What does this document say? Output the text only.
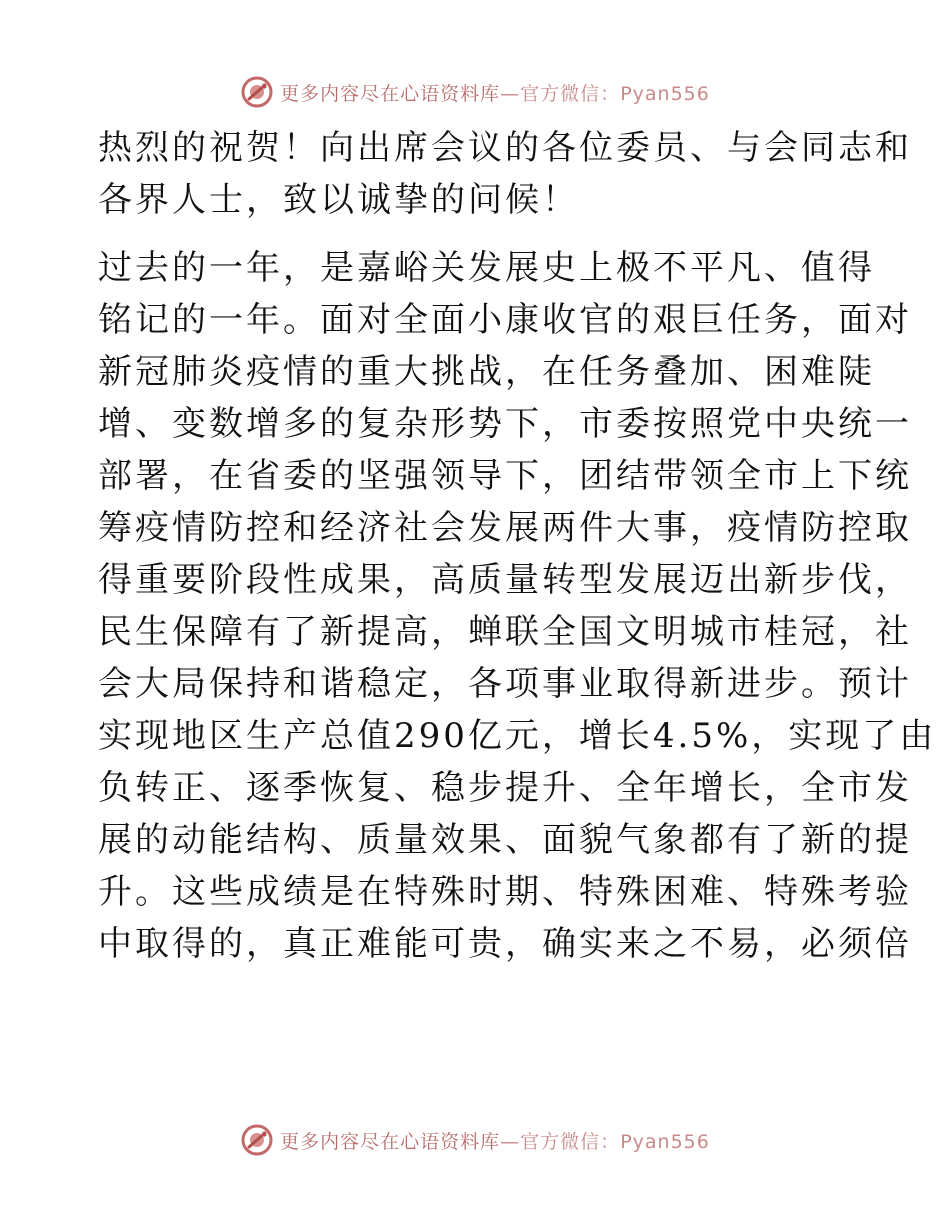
更多内容尽在心语资料库—官方微信：Pyan556
热烈的祝贺！向出席会议的各位委员、与会同志和
各界人士，致以诚挚的问候！
过去的一年，是嘉峪关发展史上极不平凡、值得
铭记的一年。面对全面小康收官的艰巨任务，面对
新冠肺炎疫情的重大挑战，在任务叠加、困难陡
增、变数增多的复杂形势下，市委按照党中央统一
部署，在省委的坚强领导下，团结带领全市上下统
筹疫情防控和经济社会发展两件大事，疫情防控取
得重要阶段性成果，高质量转型发展迈出新步伐，
民生保障有了新提高，蝉联全国文明城市桂冠，社
会大局保持和谐稳定，各项事业取得新进步。预计
实现地区生产总值290亿元，增长4.5%，实现了由
负转正、逐季恢复、稳步提升、全年增长，全市发
展的动能结构、质量效果、面貌气象都有了新的提
升。这些成绩是在特殊时期、特殊困难、特殊考验
中取得的，真正难能可贵，确实来之不易，必须倍
更多内容尽在心语资料库—官方微信：Pyan556
